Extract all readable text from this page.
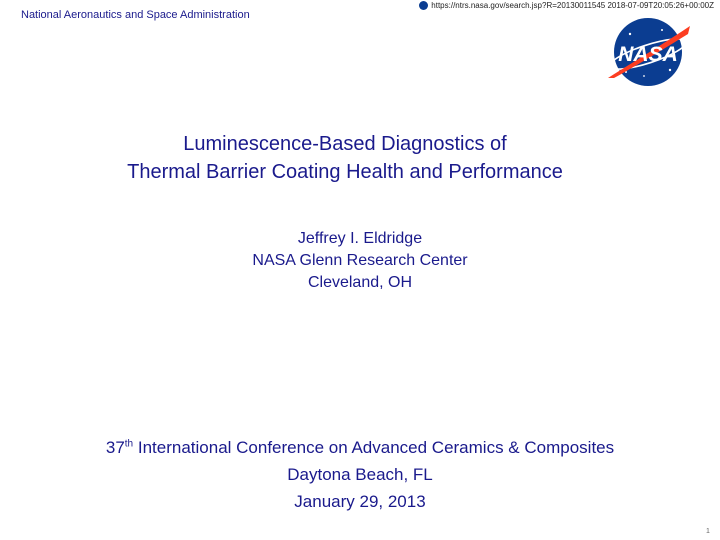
https://ntrs.nasa.gov/search.jsp?R=20130011545 2018-07-09T20:05:26+00:00Z
National Aeronautics and Space Administration
NASA
Luminescence-Based Diagnostics of
Thermal Barrier Coating Health and Performance
Jeffrey I. Eldridge
NASA Glenn Research Center
Cleveland, OH
37th International Conference on Advanced Ceramics & Composites
Daytona Beach, FL
January 29, 2013
1
